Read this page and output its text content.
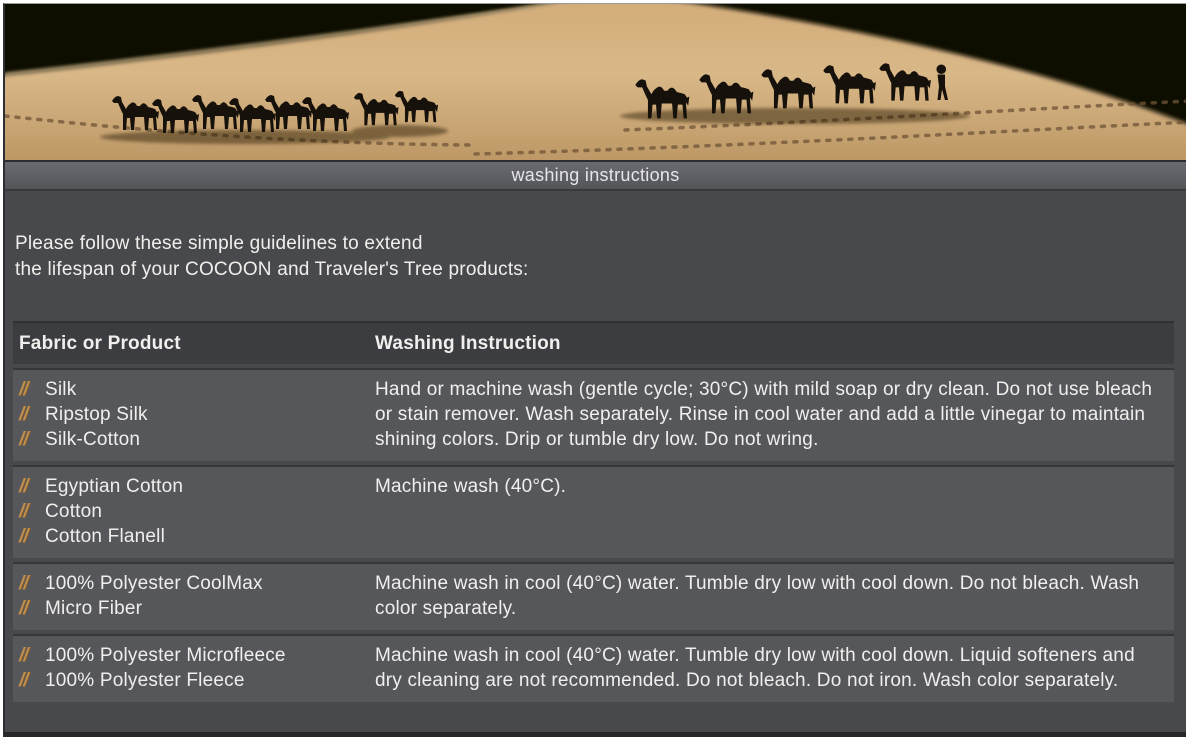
washing instructions

Please follow these simple guidelines to extend
the lifespan of your COCOON and Traveler's Tree products:

Fabric or Product	Washing Instruction
// Silk
// Ripstop Silk
// Silk-Cotton
Hand or machine wash (gentle cycle; 30°C) with mild soap or dry clean. Do not use bleach or stain remover. Wash separately. Rinse in cool water and add a little vinegar to maintain shining colors. Drip or tumble dry low. Do not wring.
// Egyptian Cotton
// Cotton
// Cotton Flanell
Machine wash (40°C).
// 100% Polyester CoolMax
// Micro Fiber
Machine wash in cool (40°C) water. Tumble dry low with cool down. Do not bleach. Wash color separately.
// 100% Polyester Microfleece
// 100% Polyester Fleece
Machine wash in cool (40°C) water. Tumble dry low with cool down. Liquid softeners and dry cleaning are not recommended. Do not bleach. Do not iron. Wash color separately.
